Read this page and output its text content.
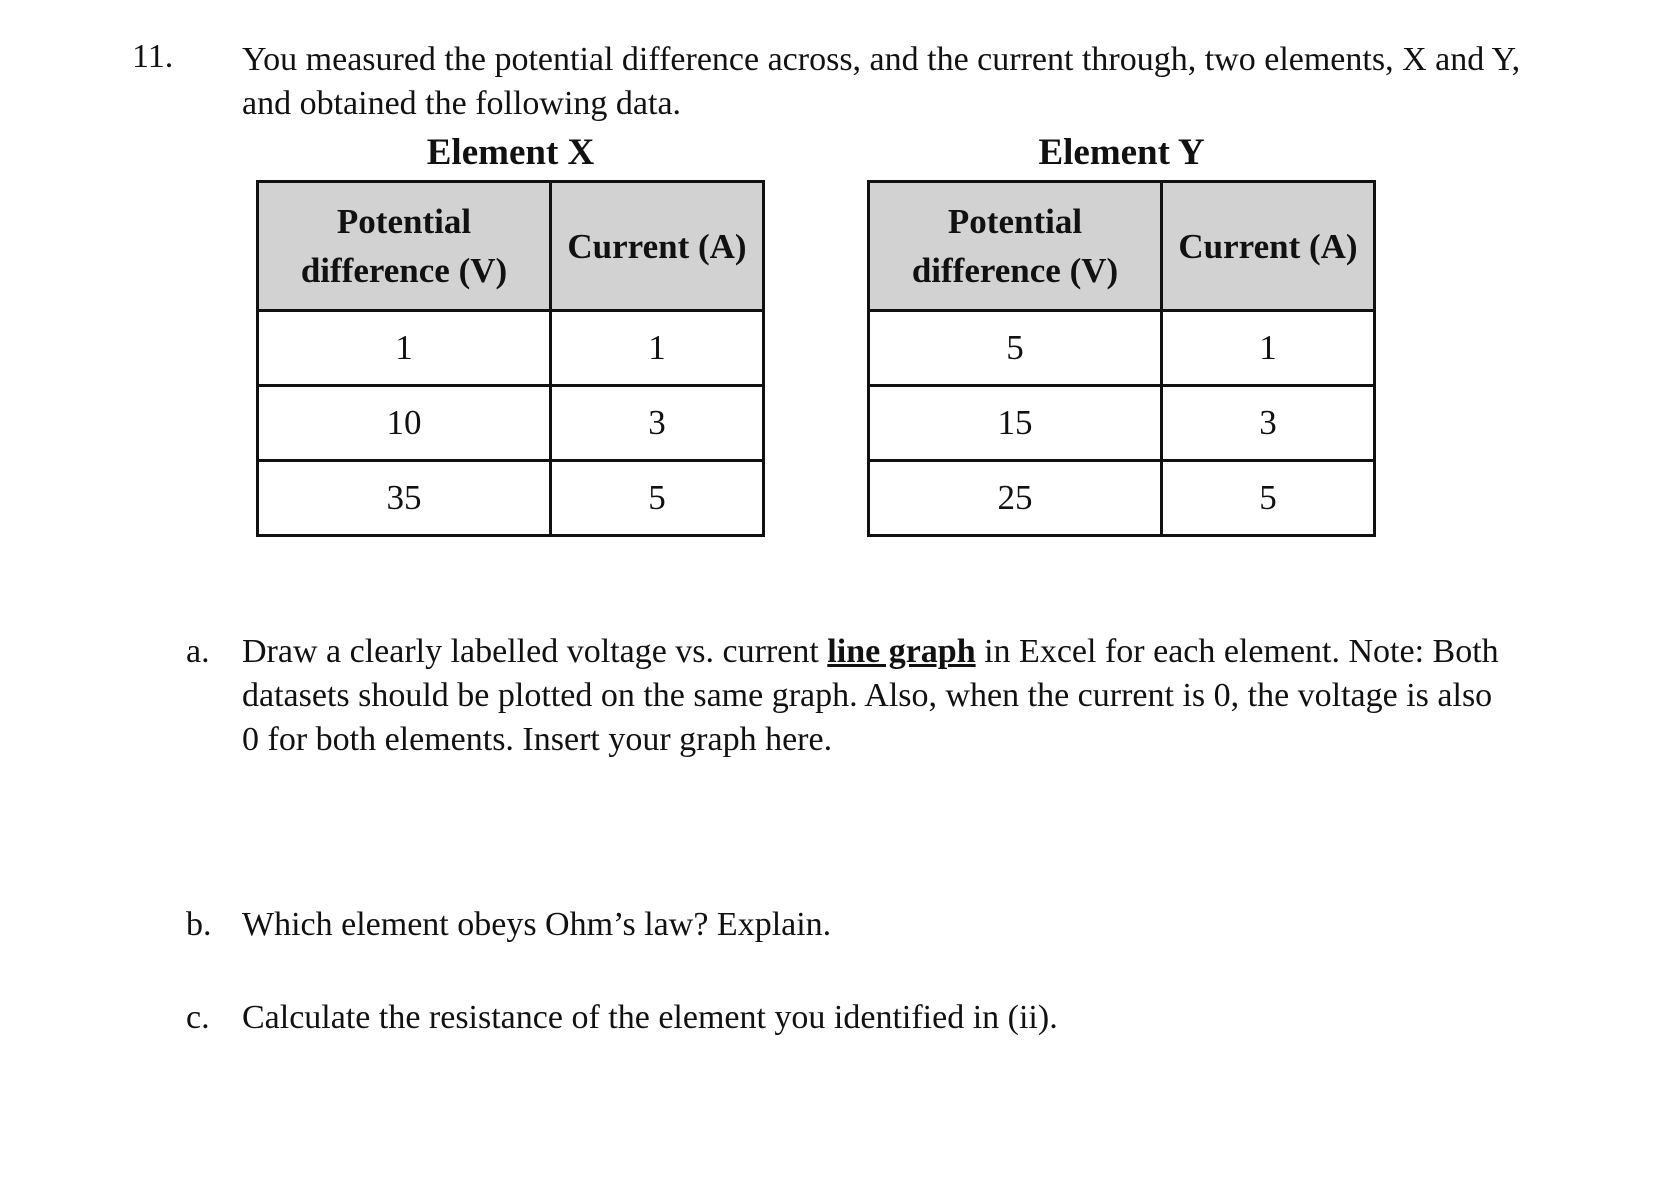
11. You measured the potential difference across, and the current through, two elements, X and Y, and obtained the following data.
Element X
Potential difference (V)	Current (A)
1	1
10	3
35	5
Element Y
Potential difference (V)	Current (A)
5	1
15	3
25	5
a. Draw a clearly labelled voltage vs. current line graph in Excel for each element. Note: Both datasets should be plotted on the same graph. Also, when the current is 0, the voltage is also 0 for both elements. Insert your graph here.
b. Which element obeys Ohm’s law? Explain.
c. Calculate the resistance of the element you identified in (ii).
